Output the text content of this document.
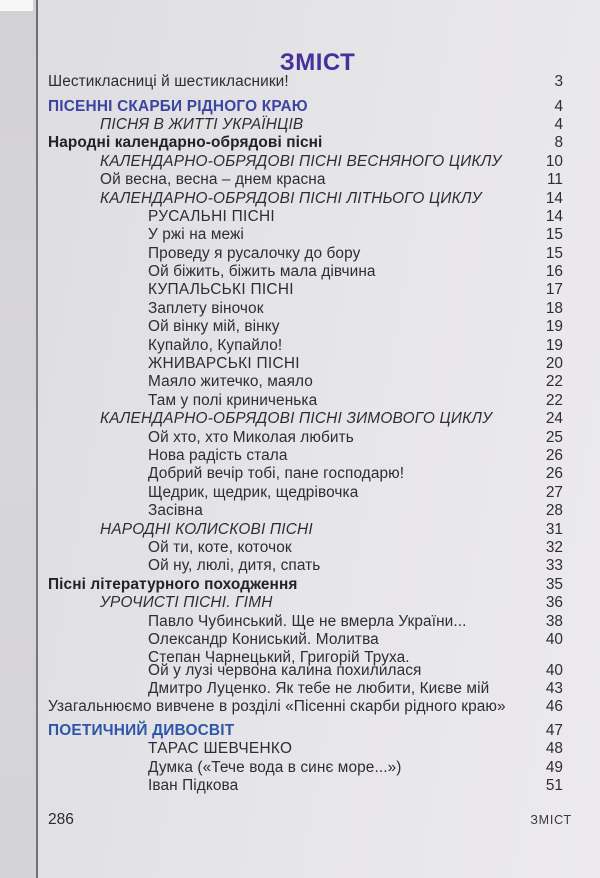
ЗМІСТ
Шестикласниці й шестикласники!	3
ПІСЕННІ СКАРБИ РІДНОГО КРАЮ	4
ПІСНЯ В ЖИТТІ УКРАЇНЦІВ	4
Народні календарно-обрядові пісні	8
КАЛЕНДАРНО-ОБРЯДОВІ ПІСНІ ВЕСНЯНОГО ЦИКЛУ	10
Ой весна, весна – днем красна	11
КАЛЕНДАРНО-ОБРЯДОВІ ПІСНІ ЛІТНЬОГО ЦИКЛУ	14
РУСАЛЬНІ ПІСНІ	14
У ржі на межі	15
Проведу я русалочку до бору	15
Ой біжить, біжить мала дівчина	16
КУПАЛЬСЬКІ ПІСНІ	17
Заплету віночок	18
Ой вінку мій, вінку	19
Купайло, Купайло!	19
ЖНИВАРСЬКІ ПІСНІ	20
Маяло житечко, маяло	22
Там у полі криниченька	22
КАЛЕНДАРНО-ОБРЯДОВІ ПІСНІ ЗИМОВОГО ЦИКЛУ	24
Ой хто, хто Миколая любить	25
Нова радість стала	26
Добрий вечір тобі, пане господарю!	26
Щедрик, щедрик, щедрівочка	27
Засівна	28
НАРОДНІ КОЛИСКОВІ ПІСНІ	31
Ой ти, коте, коточок	32
Ой ну, люлі, дитя, спать	33
Пісні літературного походження	35
УРОЧИСТІ ПІСНІ. ГІМН	36
Павло Чубинський. Ще не вмерла України...	38
Олександр Кониський. Молитва	40
Степан Чарнецький, Григорій Труха.
Ой у лузі червона калина похилилася	40
Дмитро Луценко. Як тебе не любити, Києве мій	43
Узагальнюємо вивчене в розділі «Пісенні скарби рідного краю»	46
ПОЕТИЧНИЙ ДИВОСВІТ	47
ТАРАС ШЕВЧЕНКО	48
Думка («Тече вода в синє море...»)	49
Іван Підкова	51
286	ЗМІСТ
